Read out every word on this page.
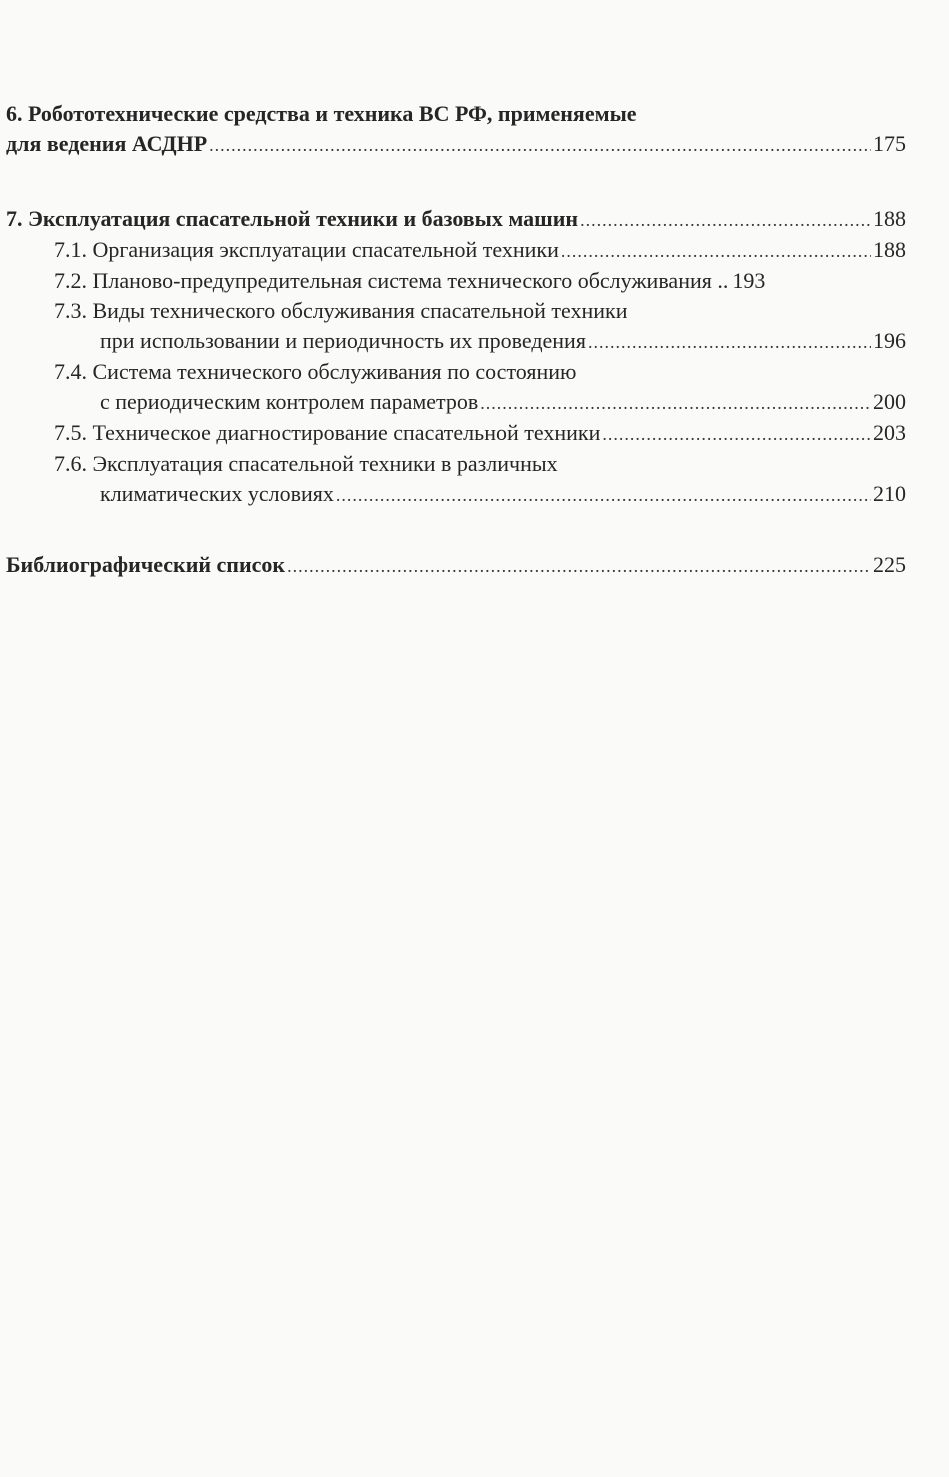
6. Робототехнические средства и техника ВС РФ, применяемые
для ведения АСДНР .....	175
7. Эксплуатация спасательной техники и базовых машин .....	188
7.1. Организация эксплуатации спасательной техники .....	188
7.2. Планово-предупредительная система технического обслуживания .. 193
7.3. Виды технического обслуживания спасательной техники
при использовании и периодичность их проведения .....	196
7.4. Система технического обслуживания по состоянию
с периодическим контролем параметров .....	200
7.5. Техническое диагностирование спасательной техники .....	203
7.6. Эксплуатация спасательной техники в различных
климатических условиях .....	210
Библиографический список .....	225
